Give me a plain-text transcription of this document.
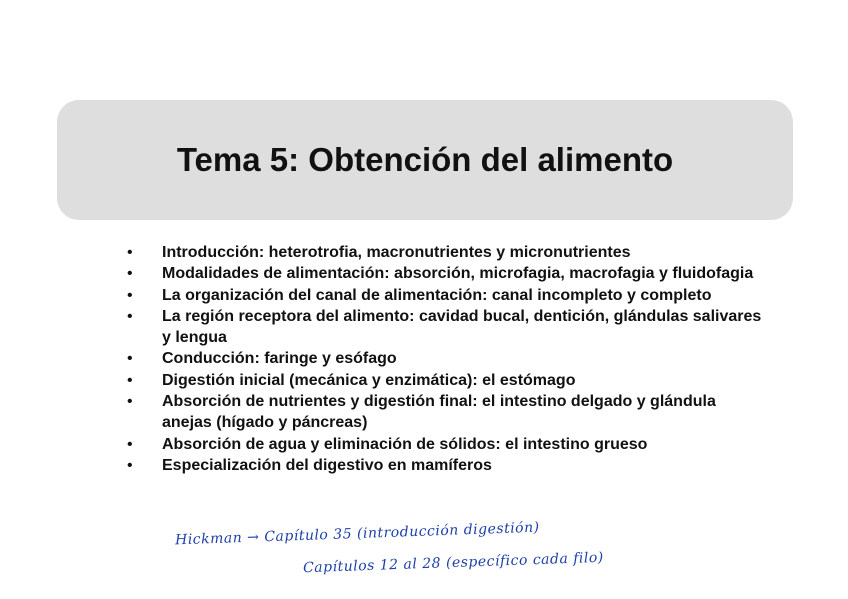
Tema 5: Obtención del alimento
•	Introducción: heterotrofia, macronutrientes y micronutrientes
•	Modalidades de alimentación: absorción, microfagia, macrofagia y fluidofagia
•	La organización del canal de alimentación: canal incompleto y completo
•	La región receptora del alimento: cavidad bucal, dentición, glándulas salivares y lengua
•	Conducción: faringe y esófago
•	Digestión inicial (mecánica y enzimática): el estómago
•	Absorción de nutrientes y digestión final: el intestino delgado y glándula anejas (hígado y páncreas)
•	Absorción de agua y eliminación de sólidos: el intestino grueso
•	Especialización del digestivo en mamíferos
Hickman → Capítulo 35 (introducción digestión)
Capítulos 12 al 28 (específico cada filo)
